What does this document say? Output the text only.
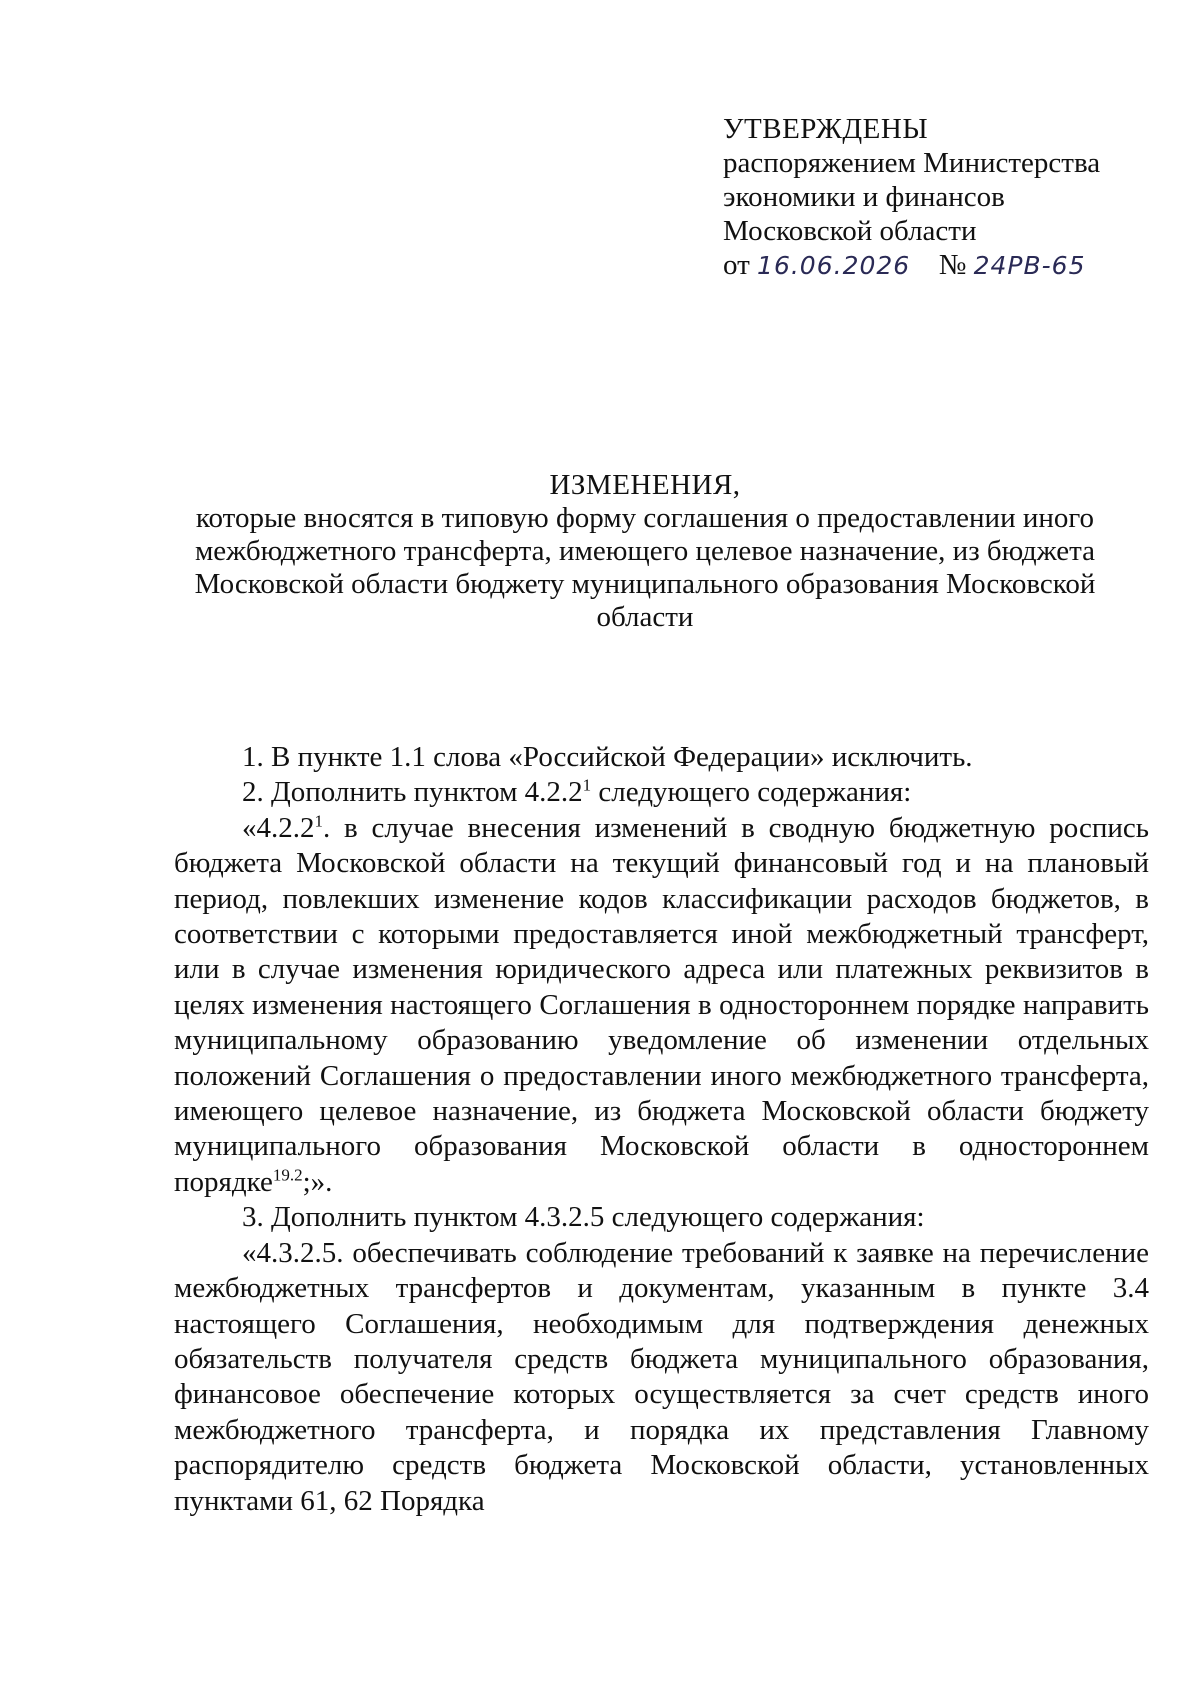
УТВЕРЖДЕНЫ
распоряжением Министерства
экономики и финансов
Московской области
от 16.06.2026 № 24РВ-65
ИЗМЕНЕНИЯ,
которые вносятся в типовую форму соглашения о предоставлении иного межбюджетного трансферта, имеющего целевое назначение, из бюджета Московской области бюджету муниципального образования Московской области

1. В пункте 1.1 слова «Российской Федерации» исключить.

2. Дополнить пунктом 4.2.2$^1$ следующего содержания:

«4.2.2$^1$. в случае внесения изменений в сводную бюджетную роспись бюджета Московской области на текущий финансовый год и на плановый период, повлекших изменение кодов классификации расходов бюджетов, в соответствии с которыми предоставляется иной межбюджетный трансферт, или в случае изменения юридического адреса или платежных реквизитов в целях изменения настоящего Соглашения в одностороннем порядке направить муниципальному образованию уведомление об изменении отдельных положений Соглашения о предоставлении иного межбюджетного трансферта, имеющего целевое назначение, из бюджета Московской области бюджету муниципального образования Московской области в одностороннем порядке$^{19.2}$;».

3. Дополнить пунктом 4.3.2.5 следующего содержания:

«4.3.2.5. обеспечивать соблюдение требований к заявке на перечисление межбюджетных трансфертов и документам, указанным в пункте 3.4 настоящего Соглашения, необходимым для подтверждения денежных обязательств получателя средств бюджета муниципального образования, финансовое обеспечение которых осуществляется за счет средств иного межбюджетного трансферта, и порядка их представления Главному распорядителю средств бюджета Московской области, установленных пунктами 61, 62 Порядка
